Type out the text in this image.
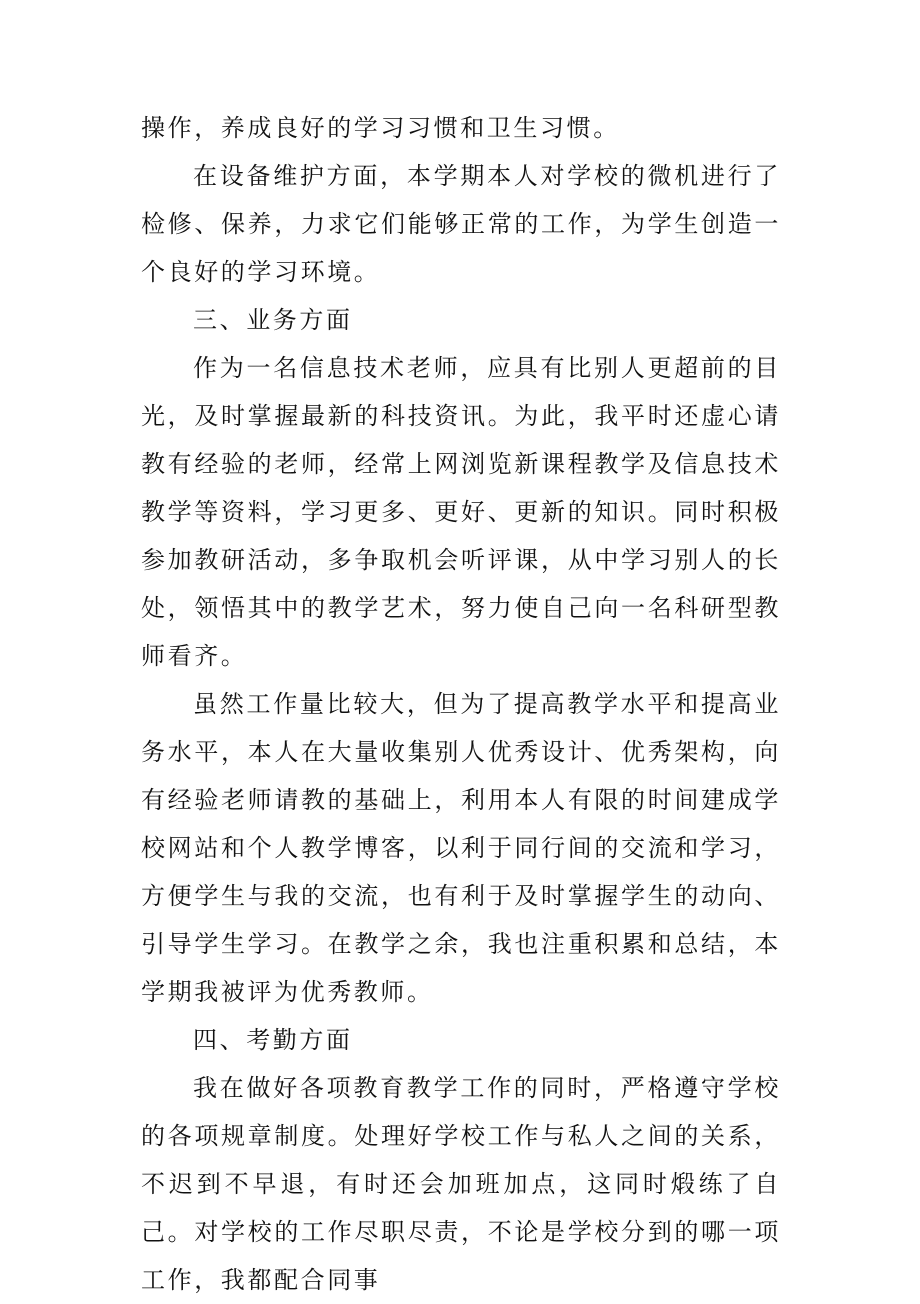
操作，养成良好的学习习惯和卫生习惯。

在设备维护方面，本学期本人对学校的微机进行了检修、保养，力求它们能够正常的工作，为学生创造一个良好的学习环境。

三、业务方面

作为一名信息技术老师，应具有比别人更超前的目光，及时掌握最新的科技资讯。为此，我平时还虚心请教有经验的老师，经常上网浏览新课程教学及信息技术教学等资料，学习更多、更好、更新的知识。同时积极参加教研活动，多争取机会听评课，从中学习别人的长处，领悟其中的教学艺术，努力使自己向一名科研型教师看齐。

虽然工作量比较大，但为了提高教学水平和提高业务水平，本人在大量收集别人优秀设计、优秀架构，向有经验老师请教的基础上，利用本人有限的时间建成学校网站和个人教学博客，以利于同行间的交流和学习，方便学生与我的交流，也有利于及时掌握学生的动向、引导学生学习。在教学之余，我也注重积累和总结，本学期我被评为优秀教师。

四、考勤方面

我在做好各项教育教学工作的同时，严格遵守学校的各项规章制度。处理好学校工作与私人之间的关系，不迟到不早退，有时还会加班加点，这同时煅练了自己。对学校的工作尽职尽责，不论是学校分到的哪一项工作，我都配合同事
